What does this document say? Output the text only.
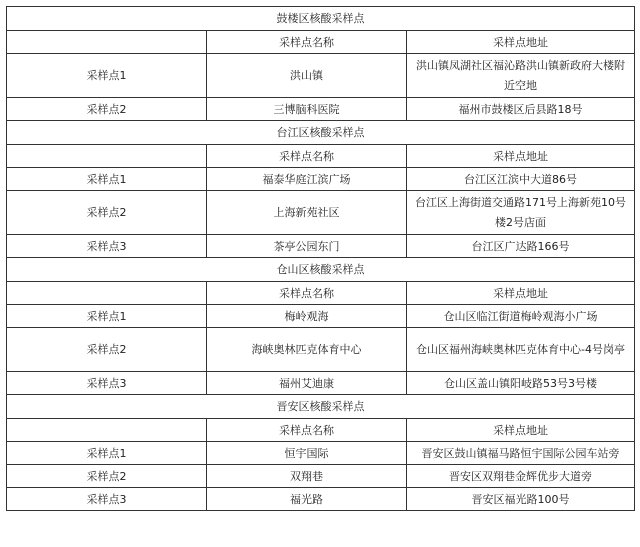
鼓楼区核酸采样点		
	采样点名称	采样点地址
采样点1	洪山镇	洪山镇凤湖社区福沁路洪山镇新政府大楼附近空地
采样点2	三博脑科医院	福州市鼓楼区后县路18号
台江区核酸采样点		
	采样点名称	采样点地址
采样点1	福泰华庭江滨广场	台江区江滨中大道86号
采样点2	上海新苑社区	台江区上海街道交通路171号上海新苑10号楼2号店面
采样点3	茶亭公园东门	台江区广达路166号
仓山区核酸采样点		
	采样点名称	采样点地址
采样点1	梅岭观海	仓山区临江街道梅岭观海小广场
采样点2	海峡奥林匹克体育中心	仓山区福州海峡奥林匹克体育中心-4号岗亭
采样点3	福州艾迪康	仓山区盖山镇阳岐路53号3号楼
晋安区核酸采样点		
	采样点名称	采样点地址
采样点1	恒宇国际	晋安区鼓山镇福马路恒宇国际公园车站旁
采样点2	双翔巷	晋安区双翔巷金辉优步大道旁
采样点3	福光路	晋安区福光路100号
